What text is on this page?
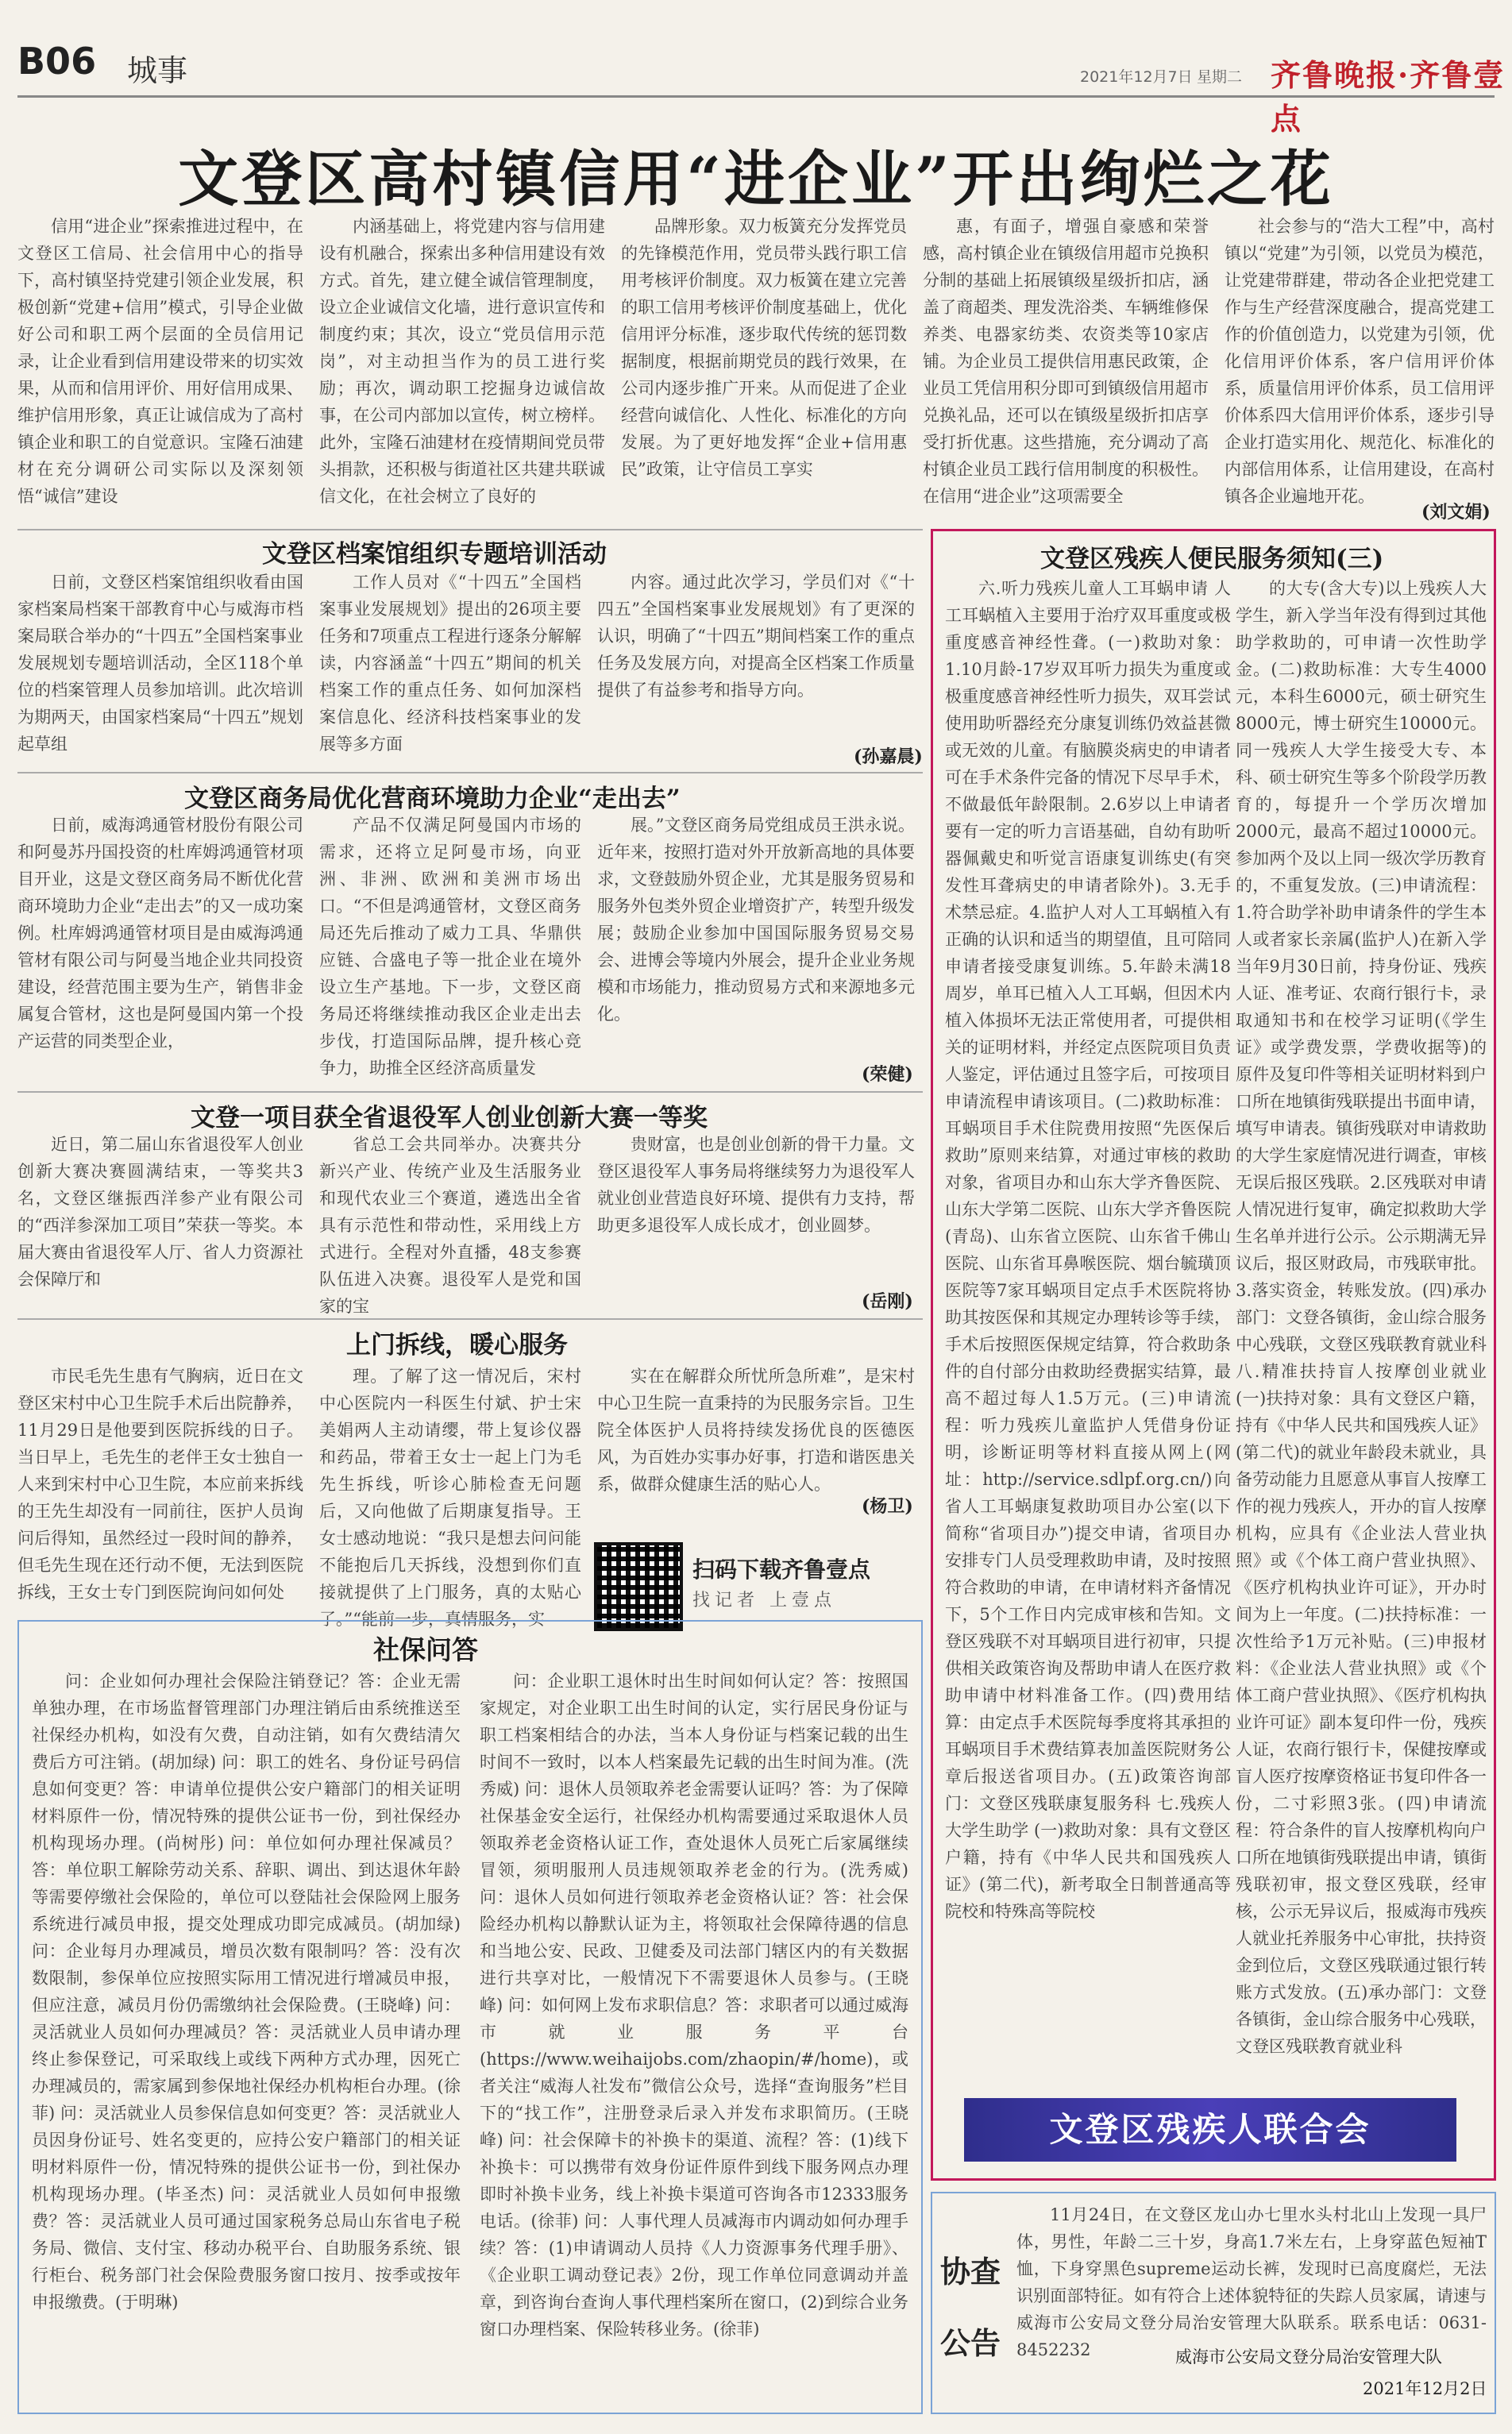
B06 城事	2021年12月7日 星期二 齐鲁晚报·齐鲁壹点
文登区高村镇信用“进企业”开出绚烂之花

信用“进企业”探索推进过程中，在文登区工信局、社会信用中心的指导下，高村镇坚持党建引领企业发展，积极创新“党建+信用”模式，引导企业做好公司和职工两个层面的全员信用记录，让企业看到信用建设带来的切实效果，从而和信用评价、用好信用成果、维护信用形象，真正让诚信成为了高村镇企业和职工的自觉意识。宝隆石油建材在充分调研公司实际以及深刻领悟“诚信”建设

内涵基础上，将党建内容与信用建设有机融合，探索出多种信用建设有效方式。首先，建立健全诚信管理制度，设立企业诚信文化墙，进行意识宣传和制度约束；其次，设立“党员信用示范岗”，对主动担当作为的员工进行奖励；再次，调动职工挖掘身边诚信故事，在公司内部加以宣传，树立榜样。此外，宝隆石油建材在疫情期间党员带头捐款，还积极与街道社区共建共联诚信文化，在社会树立了良好的

品牌形象。双力板簧充分发挥党员的先锋模范作用，党员带头践行职工信用考核评价制度。双力板簧在建立完善的职工信用考核评价制度基础上，优化信用评分标准，逐步取代传统的惩罚数据制度，根据前期党员的践行效果，在公司内逐步推广开来。从而促进了企业经营向诚信化、人性化、标准化的方向发展。为了更好地发挥“企业+信用惠民”政策，让守信员工享实

惠，有面子，增强自豪感和荣誉感，高村镇企业在镇级信用超市兑换积分制的基础上拓展镇级星级折扣店，涵盖了商超类、理发洗浴类、车辆维修保养类、电器家纺类、农资类等10家店铺。为企业员工提供信用惠民政策，企业员工凭信用积分即可到镇级信用超市兑换礼品，还可以在镇级星级折扣店享受打折优惠。这些措施，充分调动了高村镇企业员工践行信用制度的积极性。在信用“进企业”这项需要全

社会参与的“浩大工程”中，高村镇以“党建”为引领，以党员为模范，让党建带群建，带动各企业把党建工作与生产经营深度融合，提高党建工作的价值创造力，以党建为引领，优化信用评价体系，客户信用评价体系，质量信用评价体系，员工信用评价体系四大信用评价体系，逐步引导企业打造实用化、规范化、标准化的内部信用体系，让信用建设，在高村镇各企业遍地开花。

(刘文娟)
文登区档案馆组织专题培训活动

日前，文登区档案馆组织收看由国家档案局档案干部教育中心与威海市档案局联合举办的“十四五”全国档案事业发展规划专题培训活动，全区118个单位的档案管理人员参加培训。此次培训为期两天，由国家档案局“十四五”规划起草组

工作人员对《“十四五”全国档案事业发展规划》提出的26项主要任务和7项重点工程进行逐条分解解读，内容涵盖“十四五”期间的机关档案工作的重点任务、如何加深档案信息化、经济科技档案事业的发展等多方面

内容。通过此次学习，学员们对《“十四五”全国档案事业发展规划》有了更深的认识，明确了“十四五”期间档案工作的重点任务及发展方向，对提高全区档案工作质量提供了有益参考和指导方向。

(孙嘉晨)
文登区商务局优化营商环境助力企业“走出去”

日前，威海鸿通管材股份有限公司和阿曼苏丹国投资的杜库姆鸿通管材项目开业，这是文登区商务局不断优化营商环境助力企业“走出去”的又一成功案例。杜库姆鸿通管材项目是由威海鸿通管材有限公司与阿曼当地企业共同投资建设，经营范围主要为生产，销售非金属复合管材，这也是阿曼国内第一个投产运营的同类型企业，

产品不仅满足阿曼国内市场的需求，还将立足阿曼市场，向亚洲、非洲、欧洲和美洲市场出口。“不但是鸿通管材，文登区商务局还先后推动了威力工具、华鼎供应链、合盛电子等一批企业在境外设立生产基地。下一步，文登区商务局还将继续推动我区企业走出去步伐，打造国际品牌，提升核心竞争力，助推全区经济高质量发

展。”文登区商务局党组成员王洪永说。近年来，按照打造对外开放新高地的具体要求，文登鼓励外贸企业，尤其是服务贸易和服务外包类外贸企业增资扩产，转型升级发展；鼓励企业参加中国国际服务贸易交易会、进博会等境内外展会，提升企业业务规模和市场能力，推动贸易方式和来源地多元化。

(荣健)
文登一项目获全省退役军人创业创新大赛一等奖

近日，第二届山东省退役军人创业创新大赛决赛圆满结束，一等奖共3名，文登区继振西洋参产业有限公司的“西洋参深加工项目”荣获一等奖。本届大赛由省退役军人厅、省人力资源社会保障厅和

省总工会共同举办。决赛共分新兴产业、传统产业及生活服务业和现代农业三个赛道，遴选出全省具有示范性和带动性，采用线上方式进行。全程对外直播，48支参赛队伍进入决赛。退役军人是党和国家的宝

贵财富，也是创业创新的骨干力量。文登区退役军人事务局将继续努力为退役军人就业创业营造良好环境、提供有力支持，帮助更多退役军人成长成才，创业圆梦。

(岳刚)
上门拆线，暖心服务

市民毛先生患有气胸病，近日在文登区宋村中心卫生院手术后出院静养，11月29日是他要到医院拆线的日子。当日早上，毛先生的老伴王女士独自一人来到宋村中心卫生院，本应前来拆线的王先生却没有一同前往，医护人员询问后得知，虽然经过一段时间的静养，但毛先生现在还行动不便，无法到医院拆线，王女士专门到医院询问如何处

理。了解了这一情况后，宋村中心医院内一科医生付斌、护士宋美娟两人主动请缨，带上复诊仪器和药品，带着王女士一起上门为毛先生拆线，听诊心肺检查无问题后，又向他做了后期康复指导。王女士感动地说：“我只是想去问问能不能抱后几天拆线，没想到你们直接就提供了上门服务，真的太贴心了。”“能前一步，真情服务，实

实在在解群众所忧所急所难”，是宋村中心卫生院一直秉持的为民服务宗旨。卫生院全体医护人员将持续发扬优良的医德医风，为百姓办实事办好事，打造和谐医患关系，做群众健康生活的贴心人。

(杨卫)
扫码下载齐鲁壹点
找记者 上壹点
社保问答

问：企业如何办理社会保险注销登记？答：企业无需单独办理，在市场监督管理部门办理注销后由系统推送至社保经办机构，如没有欠费，自动注销，如有欠费结清欠费后方可注销。(胡加绿) 问：职工的姓名、身份证号码信息如何变更？答：申请单位提供公安户籍部门的相关证明材料原件一份，情况特殊的提供公证书一份，到社保经办机构现场办理。(尚树彤) 问：单位如何办理社保减员？答：单位职工解除劳动关系、辞职、调出、到达退休年龄等需要停缴社会保险的，单位可以登陆社会保险网上服务系统进行减员申报，提交处理成功即完成减员。(胡加绿) 问：企业每月办理减员，增员次数有限制吗？答：没有次数限制，参保单位应按照实际用工情况进行增减员申报，但应注意，减员月份仍需缴纳社会保险费。(王晓峰) 问：灵活就业人员如何办理减员？答：灵活就业人员申请办理终止参保登记，可采取线上或线下两种方式办理，因死亡办理减员的，需家属到参保地社保经办机构柜台办理。(徐菲) 问：灵活就业人员参保信息如何变更？答：灵活就业人员因身份证号、姓名变更的，应持公安户籍部门的相关证明材料原件一份，情况特殊的提供公证书一份，到社保办机构现场办理。(毕圣杰) 问：灵活就业人员如何申报缴费？答：灵活就业人员可通过国家税务总局山东省电子税务局、微信、支付宝、移动办税平台、自助服务系统、银行柜台、税务部门社会保险费服务窗口按月、按季或按年申报缴费。(于明琳)

问：企业职工退休时出生时间如何认定？答：按照国家规定，对企业职工出生时间的认定，实行居民身份证与职工档案相结合的办法，当本人身份证与档案记载的出生时间不一致时，以本人档案最先记载的出生时间为准。(洗秀威) 问：退休人员领取养老金需要认证吗？答：为了保障社保基金安全运行，社保经办机构需要通过采取退休人员领取养老金资格认证工作，查处退休人员死亡后家属继续冒领，须明服刑人员违规领取养老金的行为。(洗秀威) 问：退休人员如何进行领取养老金资格认证？答：社会保险经办机构以静默认证为主，将领取社会保障待遇的信息和当地公安、民政、卫健委及司法部门辖区内的有关数据进行共享对比，一般情况下不需要退休人员参与。(王晓峰) 问：如何网上发布求职信息？答：求职者可以通过威海市就业服务平台(https://www.weihaijobs.com/zhaopin/#/home)，或者关注“威海人社发布”微信公众号，选择“查询服务”栏目下的“找工作”，注册登录后录入并发布求职简历。(王晓峰) 问：社会保障卡的补换卡的渠道、流程？答：(1)线下补换卡：可以携带有效身份证件原件到线下服务网点办理即时补换卡业务，线上补换卡渠道可咨询各市12333服务电话。(徐菲) 问：人事代理人员减海市内调动如何办理手续？答：(1)申请调动人员持《人力资源事务代理手册》、《企业职工调动登记表》2份，现工作单位同意调动并盖章，到咨询台查询人事代理档案所在窗口，(2)到综合业务窗口办理档案、保险转移业务。(徐菲)

文登区残疾人便民服务须知(三)

六.听力残疾儿童人工耳蜗申请 人工耳蜗植入主要用于治疗双耳重度或极重度感音神经性聋。(一)救助对象：1.10月龄-17岁双耳听力损失为重度或极重度感音神经性听力损失，双耳尝试使用助听器经充分康复训练仍效益甚微或无效的儿童。有脑膜炎病史的申请者可在手术条件完备的情况下尽早手术，不做最低年龄限制。2.6岁以上申请者要有一定的听力言语基础，自幼有助听器佩戴史和听觉言语康复训练史(有突发性耳聋病史的申请者除外)。3.无手术禁忌症。4.监护人对人工耳蜗植入有正确的认识和适当的期望值，且可陪同申请者接受康复训练。5.年龄未满18周岁，单耳已植入人工耳蜗，但因术内植入体损坏无法正常使用者，可提供相关的证明材料，并经定点医院项目负责人鉴定，评估通过且签字后，可按项目申请流程申请该项目。(二)救助标准：耳蜗项目手术住院费用按照“先医保后救助”原则来结算，对通过审核的救助对象，省项目办和山东大学齐鲁医院、山东大学第二医院、山东大学齐鲁医院(青岛)、山东省立医院、山东省千佛山医院、山东省耳鼻喉医院、烟台毓璜顶医院等7家耳蜗项目定点手术医院将协助其按医保和其规定办理转诊等手续，手术后按照医保规定结算，符合救助条件的自付部分由救助经费据实结算，最高不超过每人1.5万元。(三)申请流程：听力残疾儿童监护人凭借身份证明，诊断证明等材料直接从网上(网址：http://service.sdlpf.org.cn/)向省人工耳蜗康复救助项目办公室(以下简称“省项目办”)提交申请，省项目办安排专门人员受理救助申请，及时按照符合救助的申请，在申请材料齐备情况下，5个工作日内完成审核和告知。文登区残联不对耳蜗项目进行初审，只提供相关政策咨询及帮助申请人在医疗救助申请中材料准备工作。(四)费用结算：由定点手术医院每季度将其承担的耳蜗项目手术费结算表加盖医院财务公章后报送省项目办。(五)政策咨询部门：文登区残联康复服务科 七.残疾人大学生助学 (一)救助对象：具有文登区户籍，持有《中华人民共和国残疾人证》(第二代)，新考取全日制普通高等院校和特殊高等院校

的大专(含大专)以上残疾人大学生，新入学当年没有得到过其他助学救助的，可申请一次性助学金。(二)救助标准：大专生4000元，本科生6000元，硕士研究生8000元，博士研究生10000元。同一残疾人大学生接受大专、本科、硕士研究生等多个阶段学历教育的，每提升一个学历次增加2000元，最高不超过10000元。参加两个及以上同一级次学历教育的，不重复发放。(三)申请流程：1.符合助学补助申请条件的学生本人或者家长亲属(监护人)在新入学当年9月30日前，持身份证、残疾人证、准考证、农商行银行卡，录取通知书和在校学习证明(《学生证》或学费发票，学费收据等)的原件及复印件等相关证明材料到户口所在地镇街残联提出书面申请，填写申请表。镇街残联对申请救助的大学生家庭情况进行调查，审核无误后报区残联。2.区残联对申请人情况进行复审，确定拟救助大学生名单并进行公示。公示期满无异议后，报区财政局，市残联审批。3.落实资金，转账发放。(四)承办部门：文登各镇街，金山综合服务中心残联，文登区残联教育就业科 八.精准扶持盲人按摩创业就业 (一)扶持对象：具有文登区户籍，持有《中华人民共和国残疾人证》(第二代)的就业年龄段未就业，具备劳动能力且愿意从事盲人按摩工作的视力残疾人，开办的盲人按摩机构，应具有《企业法人营业执照》或《个体工商户营业执照》、《医疗机构执业许可证》，开办时间为上一年度。(二)扶持标准：一次性给予1万元补贴。(三)申报材料：《企业法人营业执照》或《个体工商户营业执照》、《医疗机构执业许可证》副本复印件一份，残疾人证，农商行银行卡，保健按摩或盲人医疗按摩资格证书复印件各一份，二寸彩照3张。(四)申请流程：符合条件的盲人按摩机构向户口所在地镇街残联提出申请，镇街残联初审，报文登区残联，经审核，公示无异议后，报威海市残疾人就业托养服务中心审批，扶持资金到位后，文登区残联通过银行转账方式发放。(五)承办部门：文登各镇街，金山综合服务中心残联，文登区残联教育就业科

文登区残疾人联合会
协查
公告

11月24日，在文登区龙山办七里水头村北山上发现一具尸体，男性，年龄二三十岁，身高1.7米左右，上身穿蓝色短袖T恤，下身穿黑色supreme运动长裤，发现时已高度腐烂，无法识别面部特征。如有符合上述体貌特征的失踪人员家属，请速与威海市公安局文登分局治安管理大队联系。联系电话：0631-8452232	威海市公安局文登分局治安管理大队
2021年12月2日
